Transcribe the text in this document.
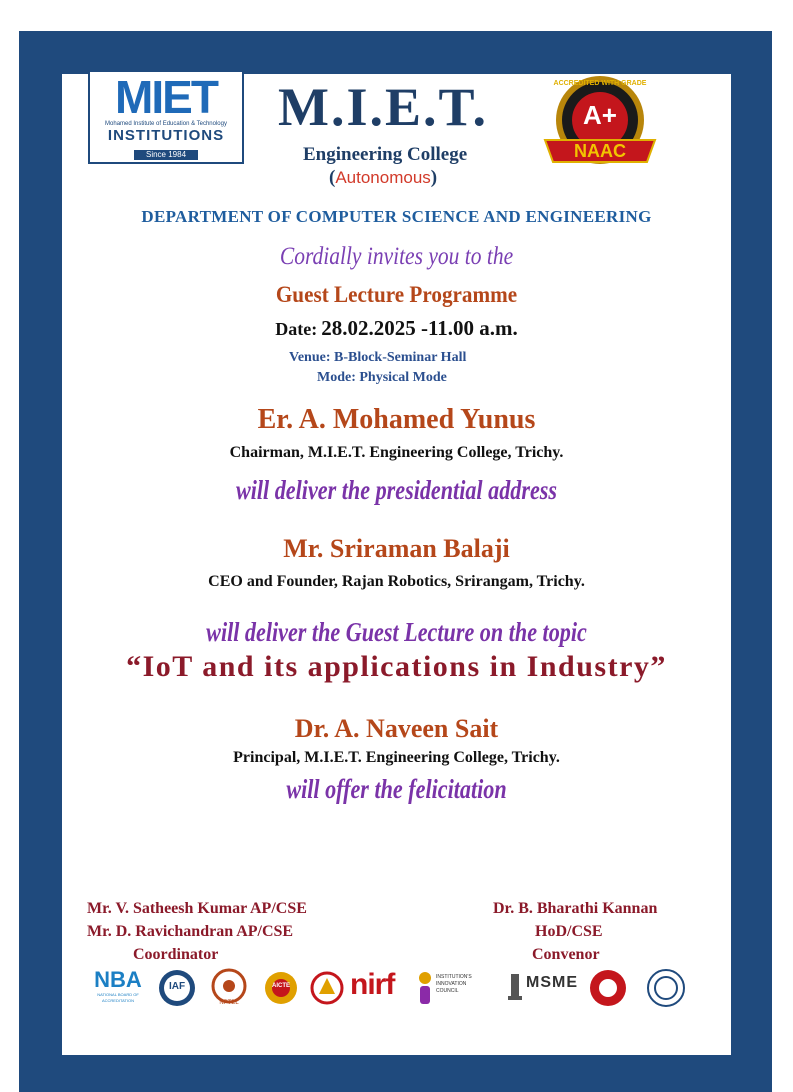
MIET
Mohamed Institute of Education & Technology
INSTITUTIONS
Since 1984
M.I.E.T.
Engineering College
(Autonomous)
ACCREDITED WITH GRADE
A+
NAAC
DEPARTMENT OF COMPUTER SCIENCE AND ENGINEERING
Cordially invites you to the
Guest Lecture Programme
Date: 28.02.2025 -11.00 a.m.
Venue: B-Block-Seminar Hall
Mode: Physical Mode
Er. A. Mohamed Yunus
Chairman, M.I.E.T. Engineering College, Trichy.
will deliver the presidential address
Mr. Sriraman Balaji
CEO and Founder, Rajan Robotics, Srirangam, Trichy.
will deliver the Guest Lecture on the topic
“IoT and its applications in Industry”
Dr. A. Naveen Sait
Principal, M.I.E.T. Engineering College, Trichy.
will offer the felicitation
Mr. V. Satheesh Kumar AP/CSE
Mr. D. Ravichandran AP/CSE
Coordinator
Dr. B. Bharathi Kannan
HoD/CSE
Convenor
NBA
NATIONAL BOARD OF ACCREDITATION
IAF
NPTEL
AICTE	nirf	INSTITUTION'S INNOVATION COUNCIL	MSME
